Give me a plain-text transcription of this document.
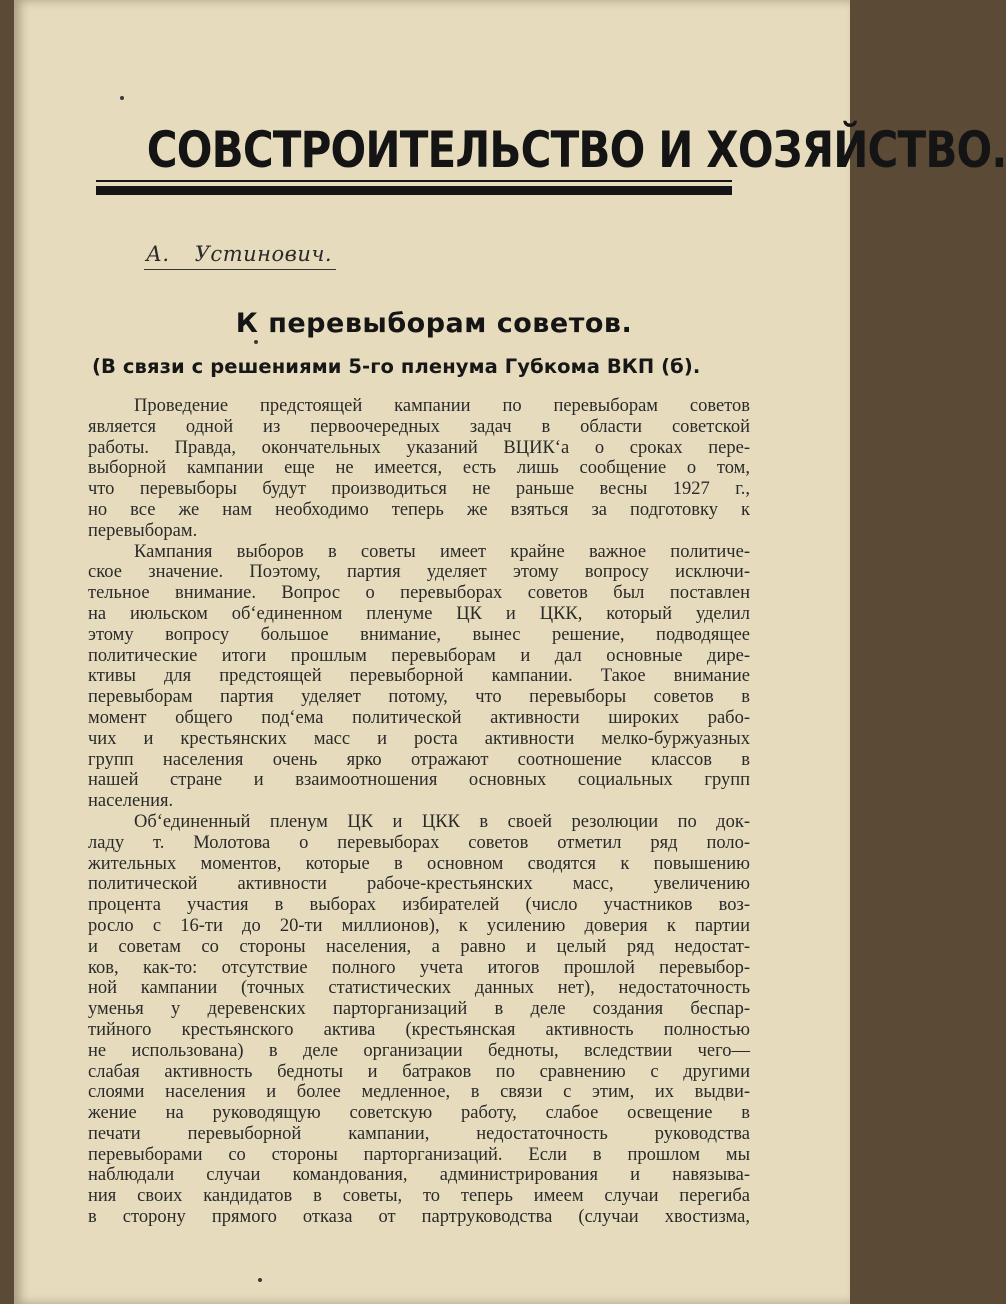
СОВСТРОИТЕЛЬСТВО И ХОЗЯЙСТВО.

А. Устинович.

К перевыборам советов.

(В связи с решениями 5-го пленума Губкома ВКП (б).

Проведение предстоящей кампании по перевыборам советов
является одной из первоочередных задач в области советской
работы. Правда, окончательных указаний ВЦИК‘а о сроках пере-
выборной кампании еще не имеется, есть лишь сообщение о том,
что перевыборы будут производиться не раньше весны 1927 г.,
но все же нам необходимо теперь же взяться за подготовку к
перевыборам.
Кампания выборов в советы имеет крайне важное политиче-
ское значение. Поэтому, партия уделяет этому вопросу исключи-
тельное внимание. Вопрос о перевыборах советов был поставлен
на июльском об‘единенном пленуме ЦК и ЦКК, который уделил
этому вопросу большое внимание, вынес решение, подводящее
политические итоги прошлым перевыборам и дал основные дире-
ктивы для предстоящей перевыборной кампании. Такое внимание
перевыборам партия уделяет потому, что перевыборы советов в
момент общего под‘ема политической активности широких рабо-
чих и крестьянских масс и роста активности мелко-буржуазных
групп населения очень ярко отражают соотношение классов в
нашей стране и взаимоотношения основных социальных групп
населения.
Об‘единенный пленум ЦК и ЦКК в своей резолюции по док-
ладу т. Молотова о перевыборах советов отметил ряд поло-
жительных моментов, которые в основном сводятся к повышению
политической активности рабоче-крестьянских масс, увеличению
процента участия в выборах избирателей (число участников воз-
росло с 16-ти до 20-ти миллионов), к усилению доверия к партии
и советам со стороны населения, а равно и целый ряд недостат-
ков, как-то: отсутствие полного учета итогов прошлой перевыбор-
ной кампании (точных статистических данных нет), недостаточность
уменья у деревенских парторганизаций в деле создания беспар-
тийного крестьянского актива (крестьянская активность полностью
не использована) в деле организации бедноты, вследствии чего—
слабая активность бедноты и батраков по сравнению с другими
слоями населения и более медленное, в связи с этим, их выдви-
жение на руководящую советскую работу, слабое освещение в
печати перевыборной кампании, недостаточность руководства
перевыборами со стороны парторганизаций. Если в прошлом мы
наблюдали случаи командования, администрирования и навязыва-
ния своих кандидатов в советы, то теперь имеем случаи перегиба
в сторону прямого отказа от партруководства (случаи хвостизма,
